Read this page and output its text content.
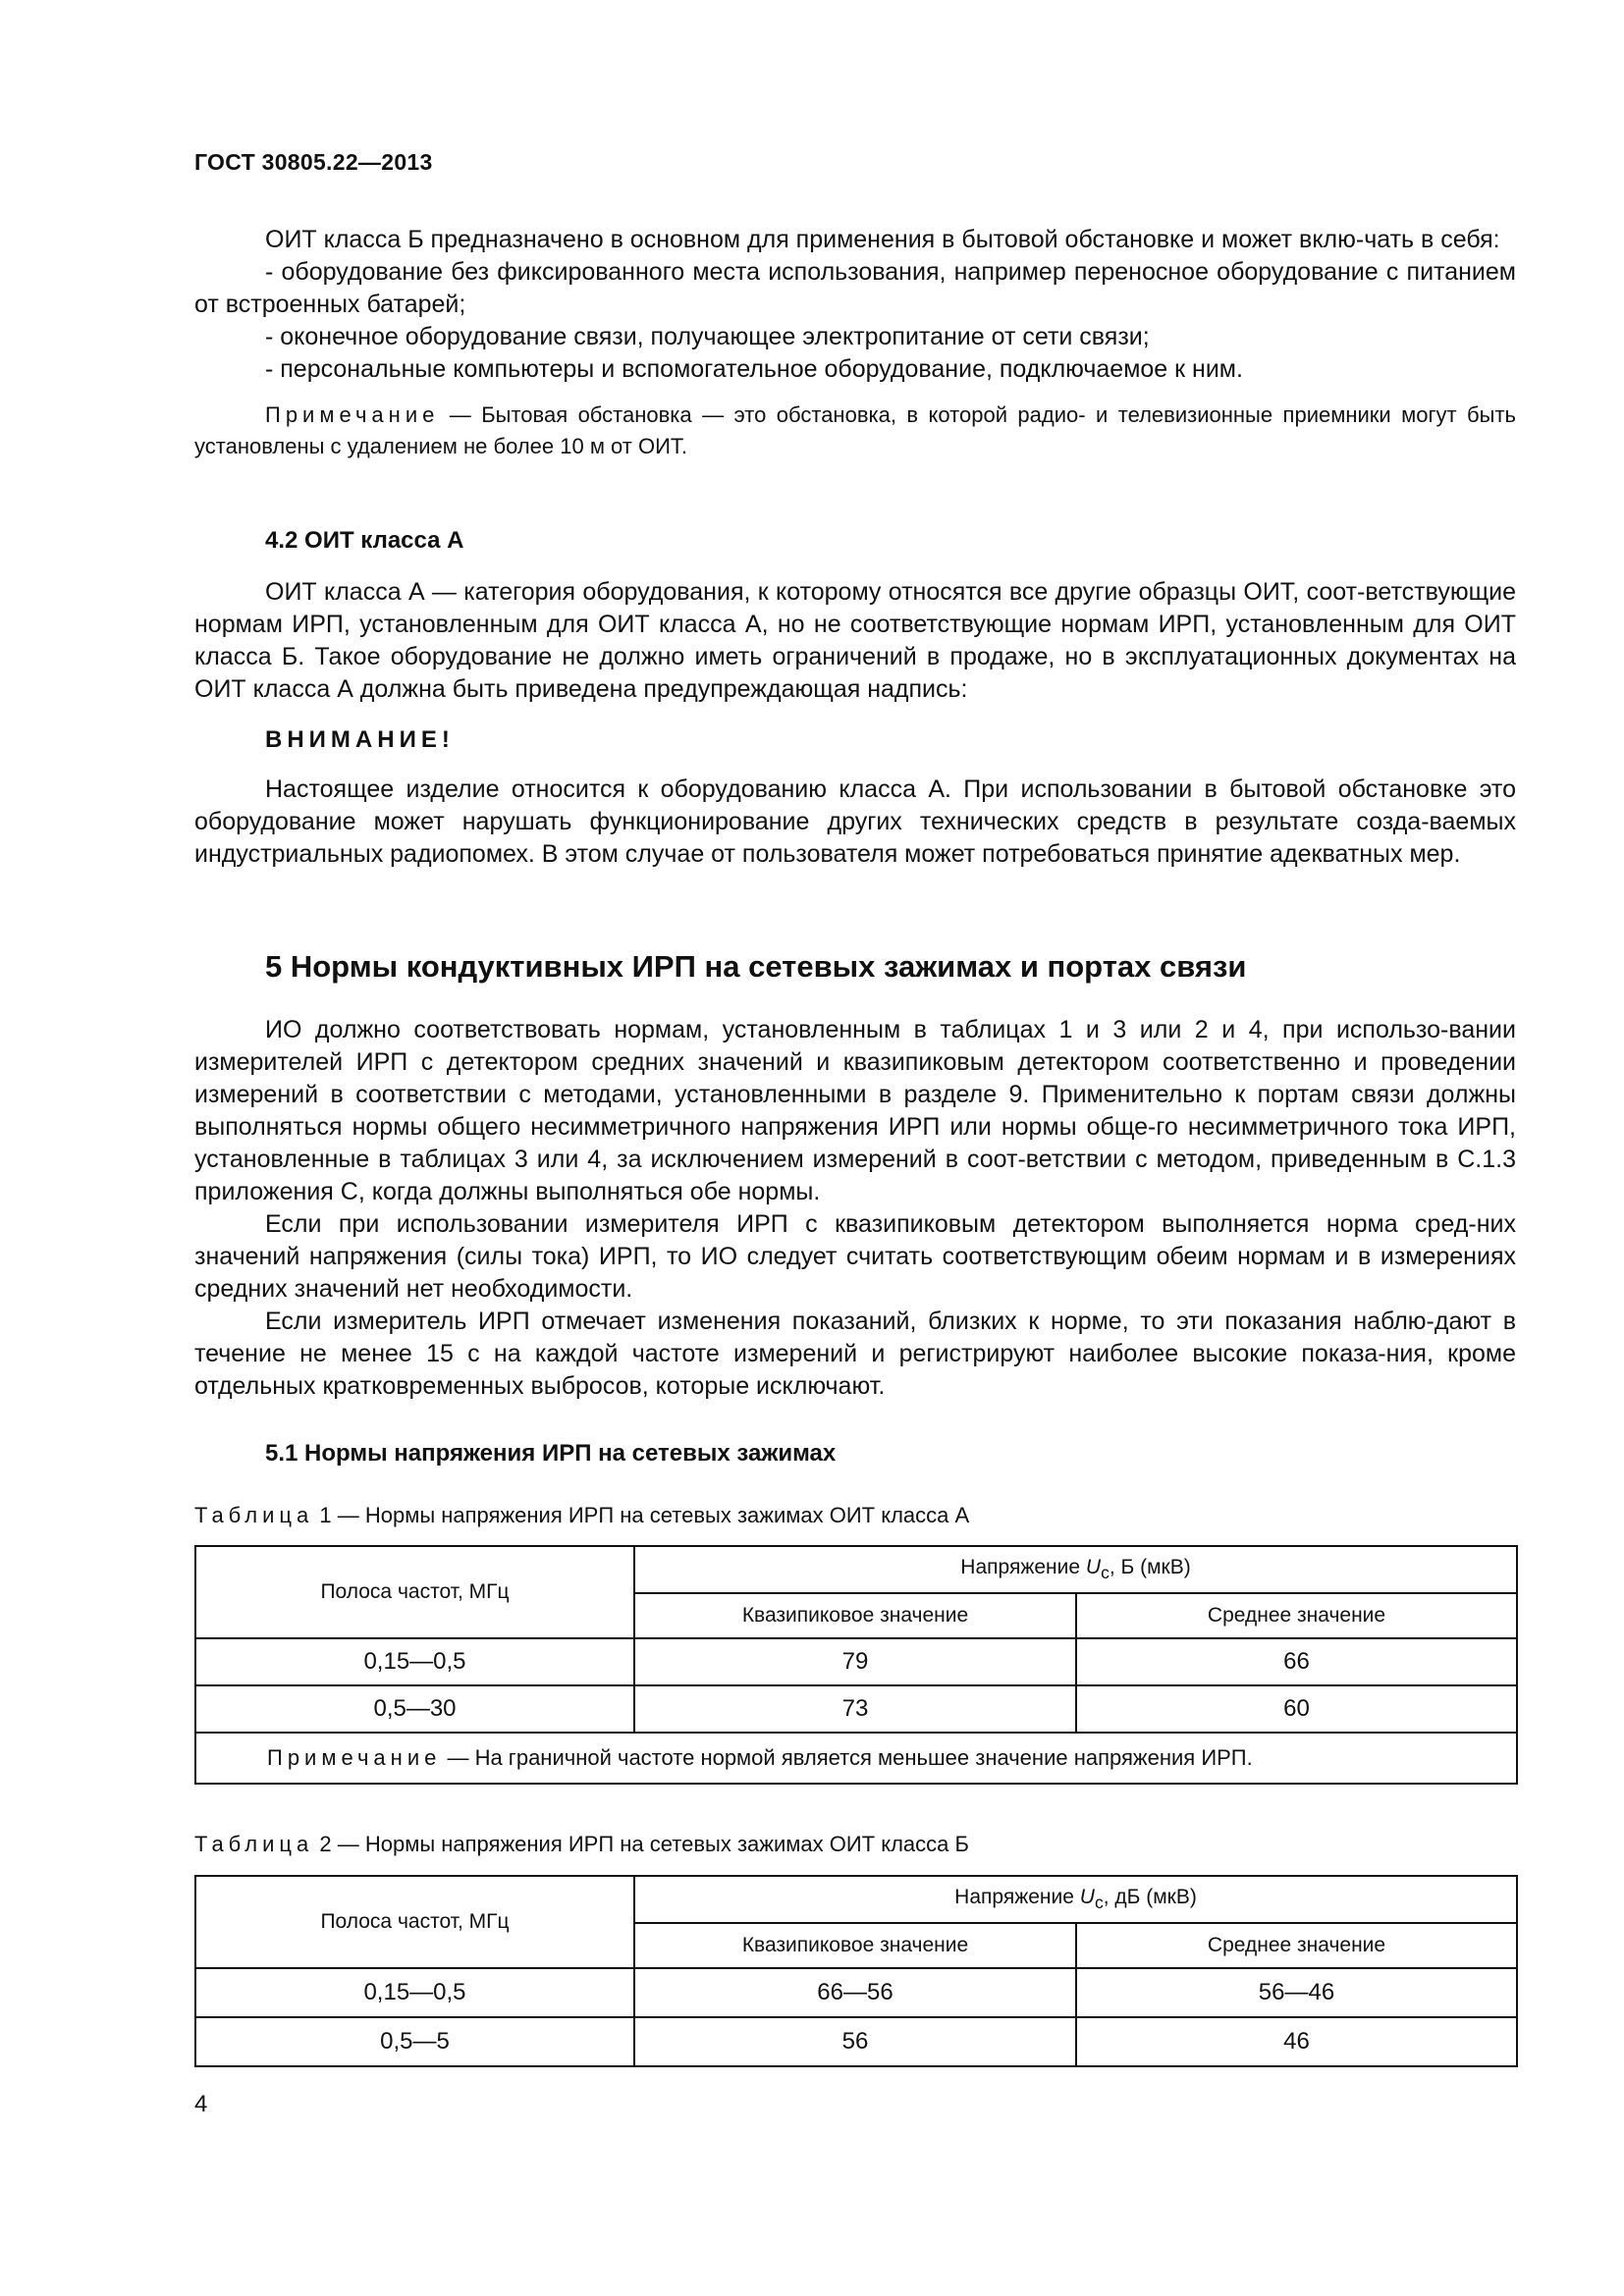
ГОСТ 30805.22—2013

ОИТ класса Б предназначено в основном для применения в бытовой обстановке и может вклю-чать в себя:

- оборудование без фиксированного места использования, например переносное оборудование с питанием от встроенных батарей;

- оконечное оборудование связи, получающее электропитание от сети связи;

- персональные компьютеры и вспомогательное оборудование, подключаемое к ним.

Примечание — Бытовая обстановка — это обстановка, в которой радио- и телевизионные приемники могут быть установлены с удалением не более 10 м от ОИТ.

4.2 ОИТ класса А

ОИТ класса А — категория оборудования, к которому относятся все другие образцы ОИТ, соот-ветствующие нормам ИРП, установленным для ОИТ класса А, но не соответствующие нормам ИРП, установленным для ОИТ класса Б. Такое оборудование не должно иметь ограничений в продаже, но в эксплуатационных документах на ОИТ класса А должна быть приведена предупреждающая надпись:

ВНИМАНИЕ!

Настоящее изделие относится к оборудованию класса А. При использовании в бытовой обстановке это оборудование может нарушать функционирование других технических средств в результате созда-ваемых индустриальных радиопомех. В этом случае от пользователя может потребоваться принятие адекватных мер.

5 Нормы кондуктивных ИРП на сетевых зажимах и портах связи

ИО должно соответствовать нормам, установленным в таблицах 1 и 3 или 2 и 4, при использо-вании измерителей ИРП с детектором средних значений и квазипиковым детектором соответственно и проведении измерений в соответствии с методами, установленными в разделе 9. Применительно к портам связи должны выполняться нормы общего несимметричного напряжения ИРП или нормы обще-го несимметричного тока ИРП, установленные в таблицах 3 или 4, за исключением измерений в соот-ветствии с методом, приведенным в С.1.3 приложения С, когда должны выполняться обе нормы.

Если при использовании измерителя ИРП с квазипиковым детектором выполняется норма сред-них значений напряжения (силы тока) ИРП, то ИО следует считать соответствующим обеим нормам и в измерениях средних значений нет необходимости.

Если измеритель ИРП отмечает изменения показаний, близких к норме, то эти показания наблю-дают в течение не менее 15 с на каждой частоте измерений и регистрируют наиболее высокие показа-ния, кроме отдельных кратковременных выбросов, которые исключают.

5.1 Нормы напряжения ИРП на сетевых зажимах

Таблица 1 — Нормы напряжения ИРП на сетевых зажимах ОИТ класса А

Полоса частот, МГц	Напряжение $U_с$, Б (мкВ)	
	Квазипиковое значение	Среднее значение
0,15—0,5	79	66
0,5—30	73	60
Примечание — На граничной частоте нормой является меньшее значение напряжения ИРП.		

Таблица 2 — Нормы напряжения ИРП на сетевых зажимах ОИТ класса Б

Полоса частот, МГц	Напряжение $U_с$, дБ (мкВ)	
	Квазипиковое значение	Среднее значение
0,15—0,5	66—56	56—46
0,5—5	56	46
4
